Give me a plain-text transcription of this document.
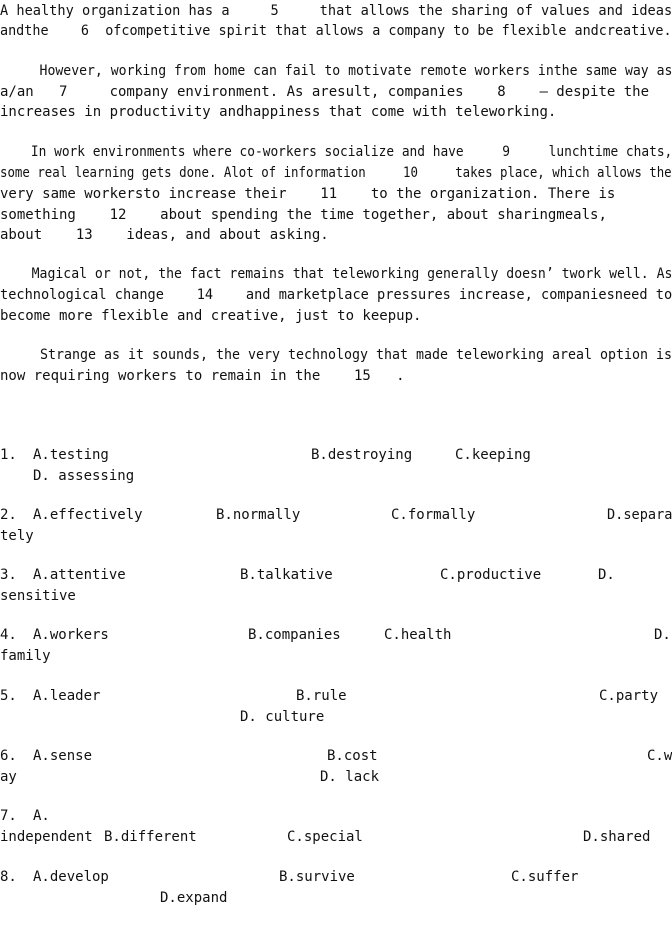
A healthy organization has a     5     that allows the sharing of values and ideas
andthe    6  ofcompetitive spirit that allows a company to be flexible andcreative.
However, working from home can fail to motivate remote workers inthe same way as
a/an   7     company environment. As aresult, companies    8    — despite the
increases in productivity andhappiness that come with teleworking.
In work environments where co-workers socialize and have     9     lunchtime chats,
some real learning gets done. Alot of information     10     takes place, which allows the
very same workersto increase their    11    to the organization. There is
something    12    about spending the time together, about sharingmeals,
about    13    ideas, and about asking.
Magical or not, the fact remains that teleworking generally doesn’ twork well. As
technological change    14    and marketplace pressures increase, companiesneed to
become more flexible and creative, just to keepup.
Strange as it sounds, the very technology that made teleworking areal option is
now requiring workers to remain in the    15   .
1. A.testing	B.destroying	C.keeping
D. assessing
2. A.effectively	B.normally	C.formally	D.separa
tely
3. A.attentive	B.talkative	C.productive	D.
sensitive
4. A.workers	B.companies	C.health	D.
family
5. A.leader	B.rule	C.party
D. culture
6. A.sense	B.cost	C.w
ay	D. lack
7. A.
independent B.different	C.special	D.shared
8. A.develop	B.survive	C.suffer
D.expand
